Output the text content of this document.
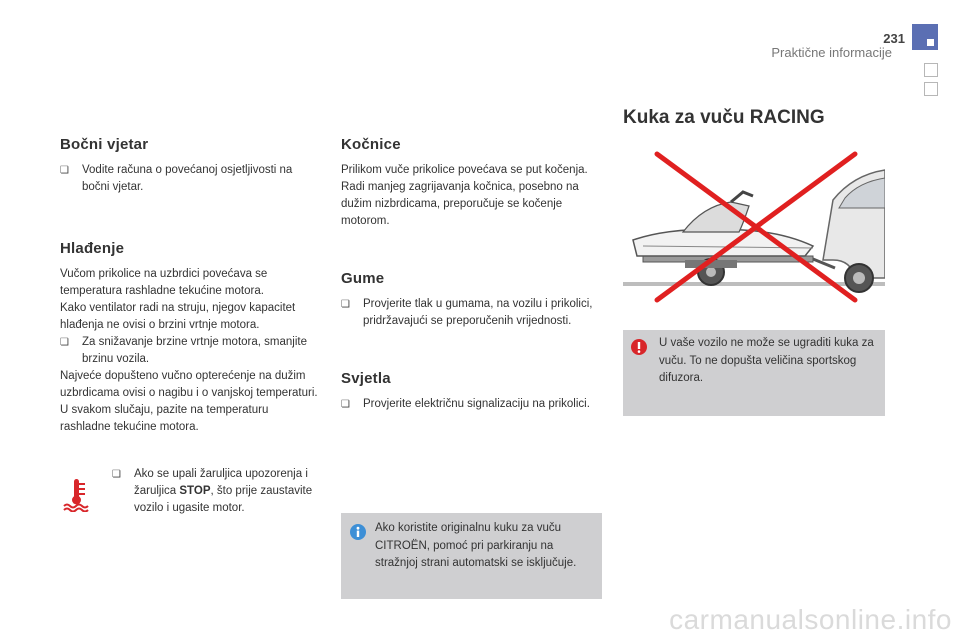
231
Praktične informacije
Bočni vjetar
❏	Vodite računa o povećanoj osjetljivosti na bočni vjetar.
Hlađenje
Vučom prikolice na uzbrdici povećava se temperatura rashladne tekućine motora.
Kako ventilator radi na struju, njegov kapacitet hlađenja ne ovisi o brzini vrtnje motora.
❏	Za snižavanje brzine vrtnje motora, smanjite brzinu vozila.
Najveće dopušteno vučno opterećenje na dužim uzbrdicama ovisi o nagibu i o vanjskoj temperaturi.
U svakom slučaju, pazite na temperaturu rashladne tekućine motora.
❏	Ako se upali žaruljica upozorenja i žaruljica STOP, što prije zaustavite vozilo i ugasite motor.
Kočnice
Prilikom vuče prikolice povećava se put kočenja.
Radi manjeg zagrijavanja kočnica, posebno na dužim nizbrdicama, preporučuje se kočenje motorom.
Gume
❏	Provjerite tlak u gumama, na vozilu i prikolici, pridržavajući se preporučenih vrijednosti.
Svjetla
❏	Provjerite električnu signalizaciju na prikolici.
Ako koristite originalnu kuku za vuču CITROËN, pomoć pri parkiranju na stražnjoj strani automatski se isključuje.
Kuka za vuču RACING
U vaše vozilo ne može se ugraditi kuka za vuču. To ne dopušta veličina sportskog difuzora.
carmanualsonline.info
